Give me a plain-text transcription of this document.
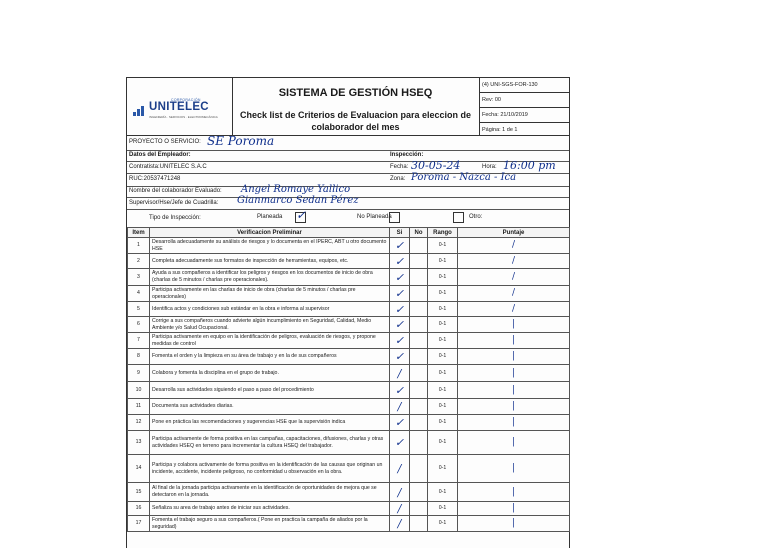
CORPORACIÓN
UNITELEC
INGENIERÍA · SERVICIOS · ELECTROMECÁNICA
SISTEMA DE GESTIÓN HSEQ
Check list de Criterios de Evaluacion para eleccion de colaborador del mes
(4) UNI-SGS-FOR-130
Rev: 00
Fecha: 21/10/2019
Página: 1 de 1
PROYECTO O SERVICIO: SE Poroma
Datos del Empleador:	Inspección:
Contratista:UNITELEC S.A.C	Fecha: 30-05-24	Hora: 16:00 pm
RUC:20537471248	Zona: Poroma - Nazca - Ica
Nombre del colaborador Evaluado: Angel Romaye Yallico
Supervisor/Hse/Jefe de Cuadrilla: Gianmarco Sedan Pérez
Tipo de Inspección:	Planeada ✓	No Planeada	Otro:
Item	Verificacion Preliminar	Si	No	Rango	Puntaje
1	Desarrolla adecuadamente su análisis de riesgos y lo documenta en el IPERC, ABT u otro documento HSE	✓		0-1	/
2	Completa adecuadamente sus formatos de inspección de herramientas, equipos, etc.	✓		0-1	/
3	Ayuda a sus compañeros a identificar los peligros y riesgos en los documentos de inicio de obra (charlas de 5 minutos / charlas pre operacionales).	✓		0-1	/
4	Participa activamente en las charlas de inicio de obra (charlas de 5 minutos / charlas pre operacionales)	✓		0-1	/
5	Identifica actos y condiciones sub estándar en la obra e informa al supervisor	✓		0-1	/
6	Corrige a sus compañeros cuando advierte algún incumplimiento en Seguridad, Calidad, Medio Ambiente y/o Salud Ocupacional.	✓		0-1	|
7	Participa activamente en equipo en la identificación de peligros, evaluación de riesgos, y propone medidas de control	✓		0-1	|
8	Fomenta el orden y la limpieza en su área de trabajo y en la de sus compañeros	✓		0-1	|
9	Colabora y fomenta la disciplina en el grupo de trabajo.	/		0-1	|
10	Desarrolla sus actividades siguiendo el paso a paso del procedimiento	✓		0-1	|
11	Documenta sus actividades diarias.	/		0-1	|
12	Pone en práctica las recomendaciones y sugerencias HSE que la supervisión indica	✓		0-1	|
13	Participa activamente de forma positiva en las campañas, capacitaciones, difusiones, charlas y otras actividades HSEQ en terreno para incrementar la cultura HSEQ del trabajador.	✓		0-1	|
14	Participa y colabora activamente de forma positiva en la identificación de las causas que originan un incidente, accidente, incidente peligroso, no conformidad u observación en la obra.	/		0-1	|
15	Al final de la jornada participa activamente en la identificación de oportunidades de mejora que se detectaron en la jornada.	/		0-1	|
16	Señaliza su area de trabajo antes de iniciar sus actividades.	/		0-1	|
17	Fomenta el trabajo seguro a sus compañeros.( Pone en practica la campaña de aliados por la seguridad)	/		0-1	|
